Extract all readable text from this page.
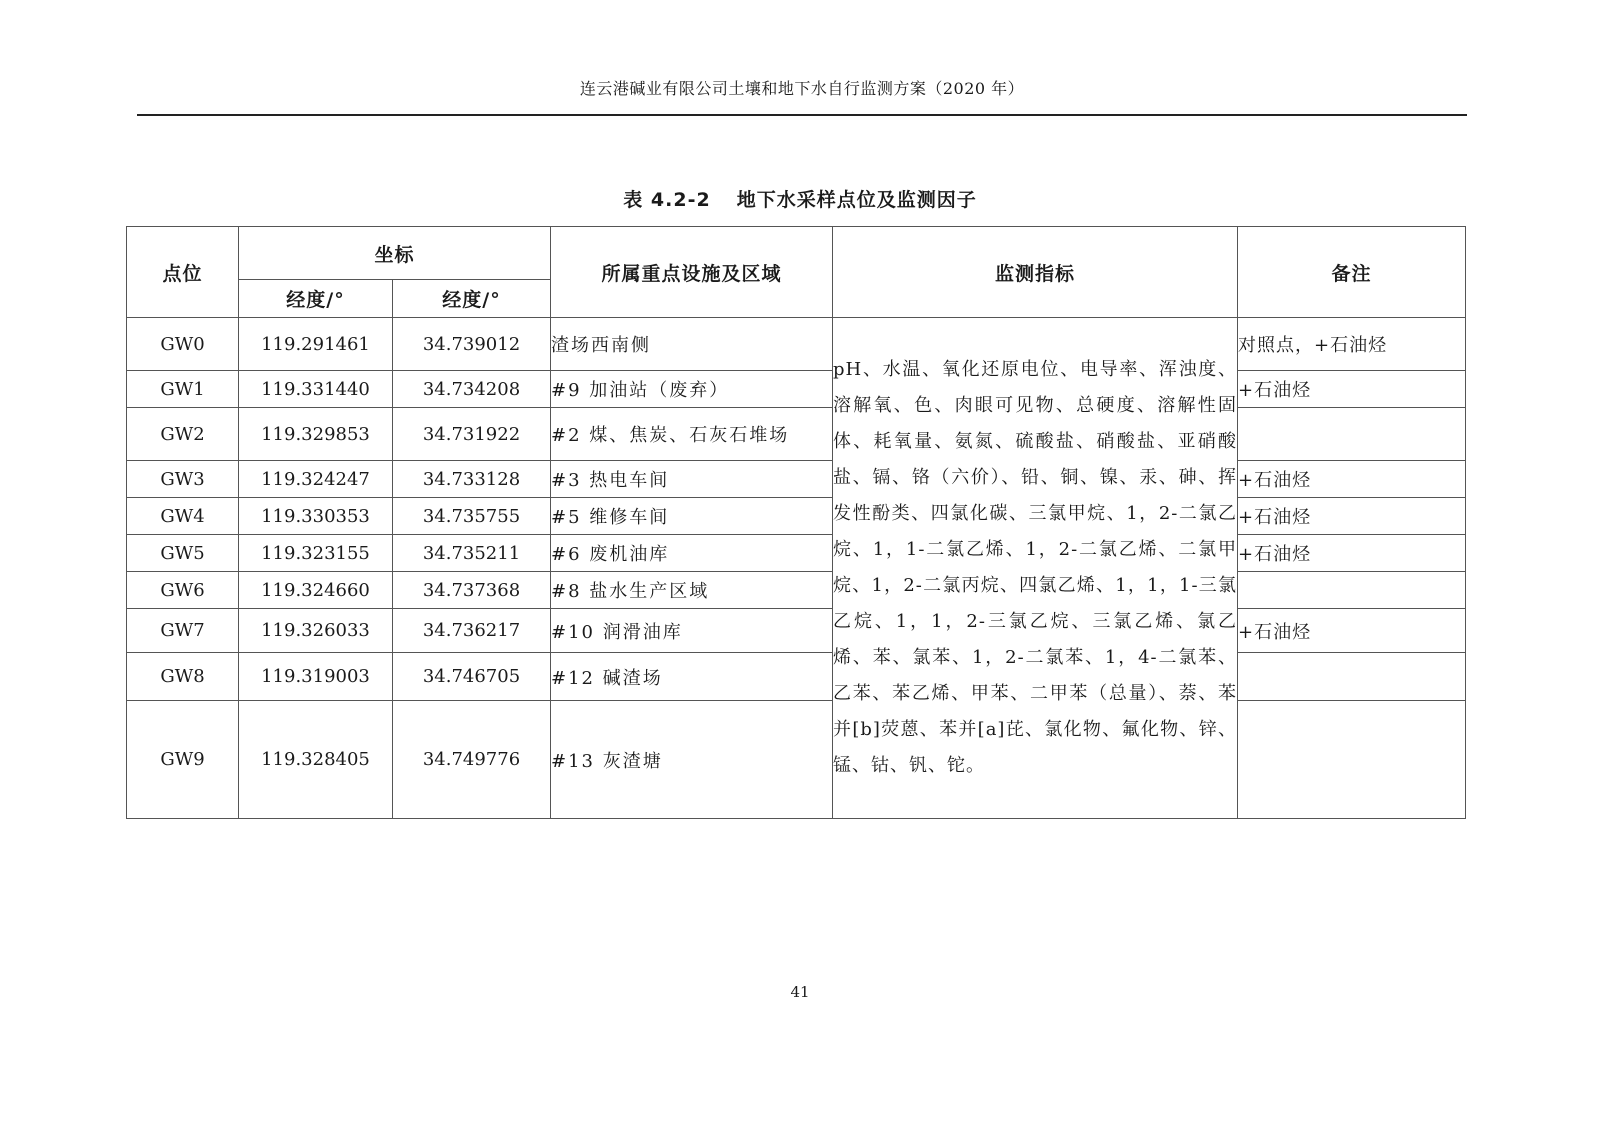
连云港碱业有限公司土壤和地下水自行监测方案（2020 年）
表 4.2-2 地下水采样点位及监测因子
点位	坐标		所属重点设施及区域	监测指标	备注
	经度/°	经度/°			
GW0	119.291461	34.739012	渣场西南侧	pH、水温、氧化还原电位、电导率、浑浊度、溶解氧、色、肉眼可见物、总硬度、溶解性固体、耗氧量、氨氮、硫酸盐、硝酸盐、亚硝酸盐、镉、铬（六价）、铅、铜、镍、汞、砷、挥发性酚类、四氯化碳、三氯甲烷、1，2-二氯乙烷、1，1-二氯乙烯、1，2-二氯乙烯、二氯甲烷、1，2-二氯丙烷、四氯乙烯、1，1，1-三氯乙烷、1，1，2-三氯乙烷、三氯乙烯、氯乙烯、苯、氯苯、1，2-二氯苯、1，4-二氯苯、乙苯、苯乙烯、甲苯、二甲苯（总量）、萘、苯并[b]荧蒽、苯并[a]芘、氯化物、氟化物、锌、锰、钴、钒、铊。	对照点，+石油烃
GW1	119.331440	34.734208	#9 加油站（废弃）		+石油烃
GW2	119.329853	34.731922	#2 煤、焦炭、石灰石堆场		
GW3	119.324247	34.733128	#3 热电车间		+石油烃
GW4	119.330353	34.735755	#5 维修车间		+石油烃
GW5	119.323155	34.735211	#6 废机油库		+石油烃
GW6	119.324660	34.737368	#8 盐水生产区域		
GW7	119.326033	34.736217	#10 润滑油库		+石油烃
GW8	119.319003	34.746705	#12 碱渣场		
GW9	119.328405	34.749776	#13 灰渣塘		
41
